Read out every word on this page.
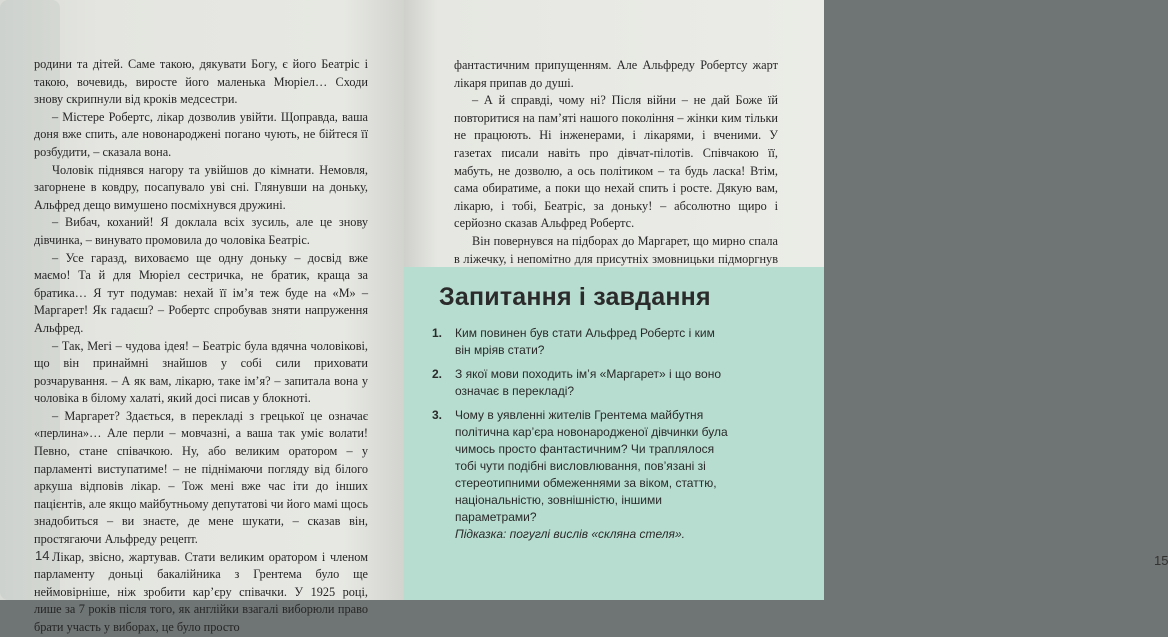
родини та дітей. Саме такою, дякувати Богу, є його Беатріс і такою, вочевидь, виросте його маленька Мюріел… Сходи знову скрипнули від кроків медсестри.

– Містере Робертс, лікар дозволив увійти. Щоправда, ваша доня вже спить, але новонароджені погано чують, не бійтеся її розбудити, – сказала вона.

Чоловік піднявся нагору та увійшов до кімнати. Немовля, загорнене в ковдру, посапувало уві сні. Глянувши на доньку, Альфред дещо вимушено посміхнувся дружині.

– Вибач, коханий! Я доклала всіх зусиль, але це знову дівчинка, – винувато промовила до чоловіка Беатріс.

– Усе гаразд, виховаємо ще одну доньку – досвід вже маємо! Та й для Мюріел сестричка, не братик, краща за братика… Я тут подумав: нехай її ім’я теж буде на «М» – Маргарет! Як гадаєш? – Робертс спробував зняти напруження Альфред.

– Так, Мегі – чудова ідея! – Беатріс була вдячна чоловікові, що він принаймні знайшов у собі сили приховати розчарування. – А як вам, лікарю, таке ім’я? – запитала вона у чоловіка в білому халаті, який досі писав у блокноті.

– Маргарет? Здається, в перекладі з грецької це означає «перлина»… Але перли – мовчазні, а ваша так уміє волати! Певно, стане співачкою. Ну, або великим оратором – у парламенті виступатиме! – не піднімаючи погляду від білого аркуша відповів лікар. – Тож мені вже час іти до інших пацієнтів, але якщо майбутньому депутатові чи його мамі щось знадобиться – ви знаєте, де мене шукати, – сказав він, простягаючи Альфреду рецепт.

Лікар, звісно, жартував. Стати великим оратором і членом парламенту доньці бакалійника з Грентема було ще неймовірніше, ніж зробити кар’єру співачки. У 1925 році, лише за 7 років після того, як англійки взагалі виборюли право брати участь у виборах, це було просто

14

фантастичним припущенням. Але Альфреду Робертсу жарт лікаря припав до душі.

– А й справді, чому ні? Після війни – не дай Боже їй повторитися на пам’яті нашого покоління – жінки ким тільки не працюють. Ні інженерами, і лікарями, і вченими. У газетах писали навіть про дівчат-пілотів. Співчакою її, мабуть, не дозволю, а ось політиком – та будь ласка! Втім, сама обиратиме, а поки що нехай спить і росте. Дякую вам, лікарю, і тобі, Беатріс, за доньку! – абсолютно щиро і серйозно сказав Альфред Робертс.

Він повернувся на підборах до Маргарет, що мирно спала в ліжечку, і непомітно для присутніх змовницьки підморгнув

Запитання і завдання
1. Ким повинен був стати Альфред Робертс і ким він мріяв стати?
2. З якої мови походить ім’я «Маргарет» і що воно означає в перекладі?
3. Чому в уявленні жителів Грентема майбутня політична кар’єра новонародженої дівчинки була чимось просто фантастичним? Чи траплялося тобі чути подібні висловлювання, пов’язані зі стереотипними обмеженнями за віком, статтю, національністю, зовнішністю, іншими параметрами?
Підказка: погуглі вислів «скляна стеля».
15
